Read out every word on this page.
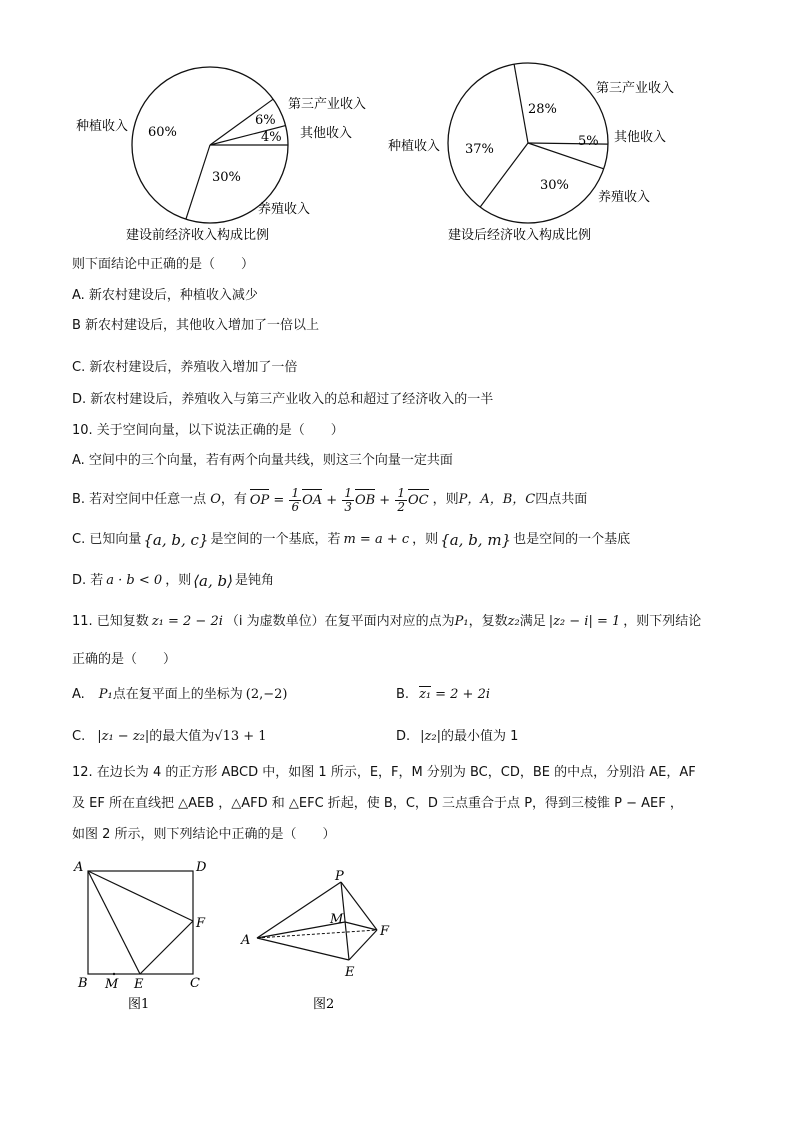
60%
6%
4%
30%
种植收入
第三产业收入
其他收入
养殖收入
建设前经济收入构成比例
28%
5%
30%
37%
第三产业收入
其他收入
养殖收入
种植收入
建设后经济收入构成比例
则下面结论中正确的是（　　）
A. 新农村建设后，种植收入减少
B 新农村建设后，其他收入增加了一倍以上
C. 新农村建设后，养殖收入增加了一倍
D. 新农村建设后，养殖收入与第三产业收入的总和超过了经济收入的一半
10. 关于空间向量，以下说法正确的是（　　）
A. 空间中的三个向量，若有两个向量共线，则这三个向量一定共面
B. 若对空间中任意一点 O ，有 OP = $\frac{1}{6}$ OA + $\frac{1}{3}$ OB + $\frac{1}{2}$ OC ，则 P，A，B，C 四点共面
C. 已知向量 {a, b, c} 是空间的一个基底，若 m = a + c ，则 {a, b, m} 也是空间的一个基底
D. 若 a · b < 0 ，则 ⟨a, b⟩ 是钝角
11. 已知复数 z₁ = 2 − 2i （i 为虚数单位）在复平面内对应的点为 P₁ ，复数 z₂ 满足 |z₂ − i| = 1 ，则下列结论
正确的是（　　）
A. P₁ 点在复平面上的坐标为 (2,−2)	B. z₁ = 2 + 2i
C. |z₁ − z₂| 的最大值为 √13 + 1	D. |z₂| 的最小值为 1
12. 在边长为 4 的正方形 ABCD 中，如图 1 所示，E，F，M 分别为 BC，CD，BE 的中点，分别沿 AE，AF
及 EF 所在直线把 △AEB ，△AFD 和 △EFC 折起，使 B，C，D 三点重合于点 P，得到三棱锥 P − AEF ，
如图 2 所示，则下列结论中正确的是（　　）
A	D
F
B M E	C
图1
P
M
A
F
E
图2
